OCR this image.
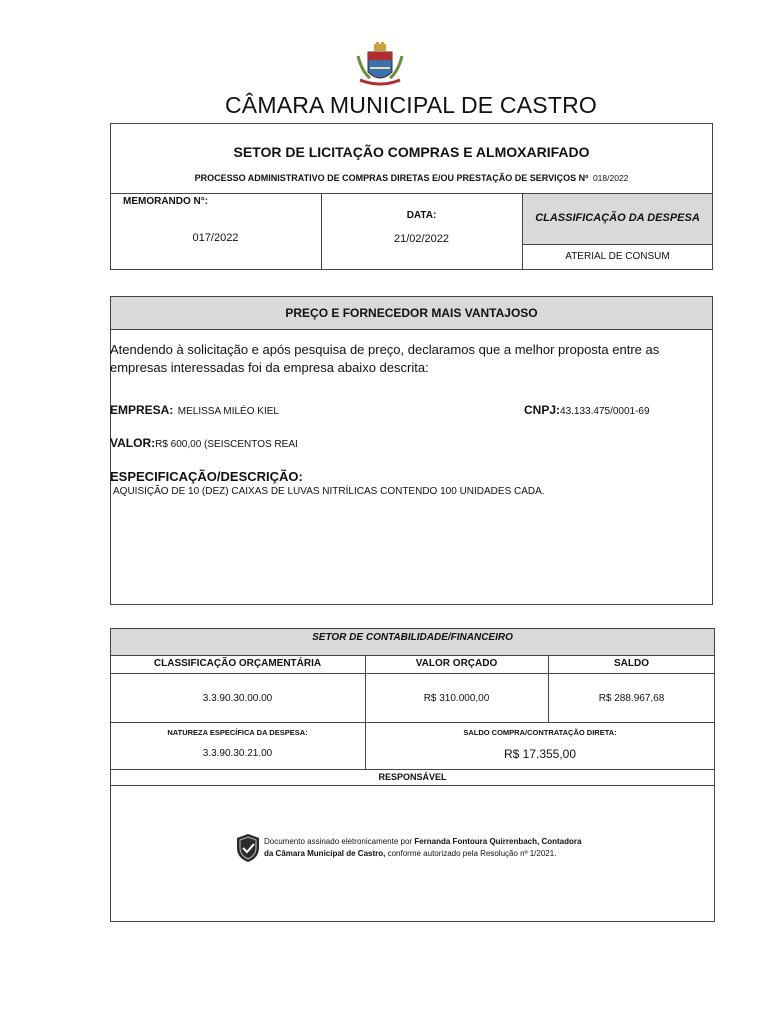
CÂMARA MUNICIPAL DE CASTRO
SETOR DE LICITAÇÃO COMPRAS E ALMOXARIFADO
PROCESSO ADMINISTRATIVO DE COMPRAS DIRETAS E/OU PRESTAÇÃO DE SERVIÇOS Nº 018/2022
MEMORANDO N°:
017/2022
DATA:
21/02/2022
CLASSIFICAÇÃO DA DESPESA
ATERIAL DE CONSUM
PREÇO E FORNECEDOR MAIS VANTAJOSO
Atendendo à solicitação e após pesquisa de preço, declaramos que a melhor proposta entre as empresas interessadas foi da empresa abaixo descrita:
EMPRESA: MELISSA MILÉO KIEL	CNPJ:43.133.475/0001-69
VALOR:R$ 600,00 (SEISCENTOS REAI
ESPECIFICAÇÃO/DESCRIÇÃO:
AQUISIÇÃO DE 10 (DEZ) CAIXAS DE LUVAS NITRÍLICAS CONTENDO 100 UNIDADES CADA.
SETOR DE CONTABILIDADE/FINANCEIRO
CLASSIFICAÇÃO ORÇAMENTÁRIA	VALOR ORÇADO	SALDO
3.3.90.30.00.00	R$ 310.000,00	R$ 288.967,68
NATUREZA ESPECÍFICA DA DESPESA:
3.3.90.30.21.00
SALDO COMPRA/CONTRATAÇÃO DIRETA:
R$ 17.355,00
RESPONSÁVEL
Documento assinado eletronicamente por Fernanda Fontoura Quirrenbach, Contadora
da Câmara Municipal de Castro, conforme autorizado pela Resolução nº 1/2021.
